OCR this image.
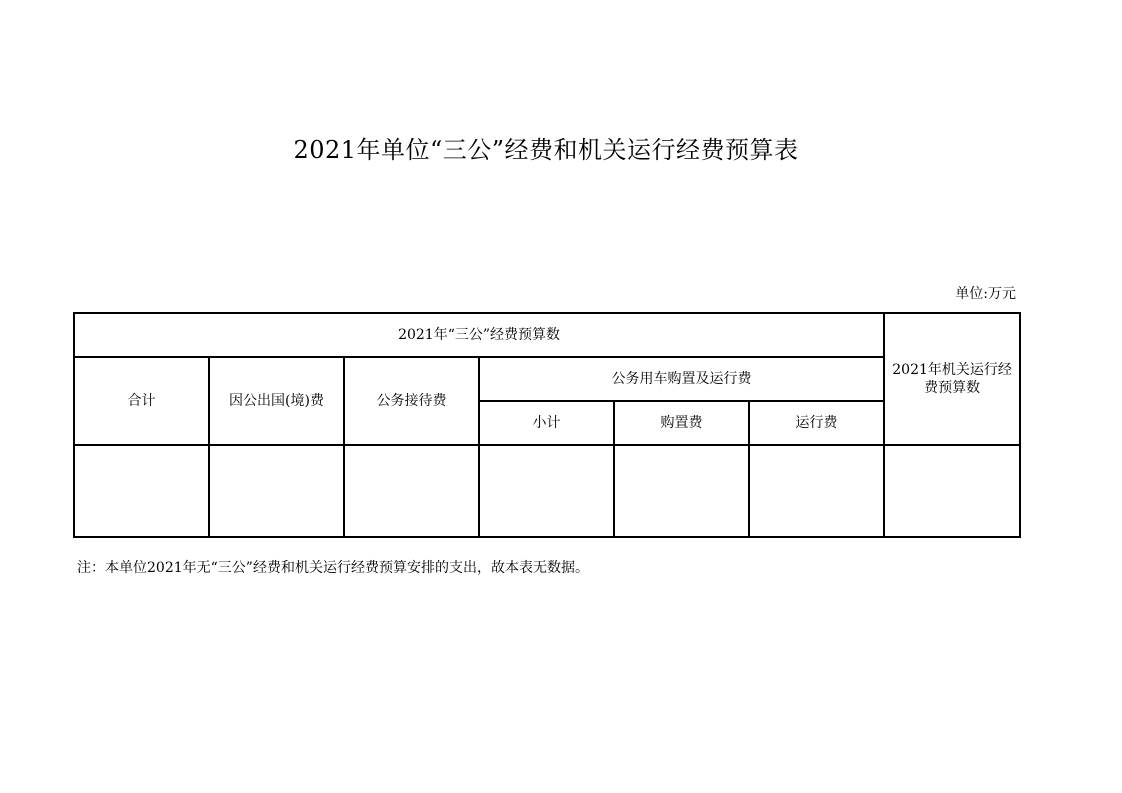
2021年单位“三公”经费和机关运行经费预算表
单位:万元
2021年“三公”经费预算数						2021年机关运行经费预算数
合计	因公出国(境)费	公务接待费	公务用车购置及运行费			
			小计	购置费	运行费	

注：本单位2021年无“三公”经费和机关运行经费预算安排的支出，故本表无数据。
